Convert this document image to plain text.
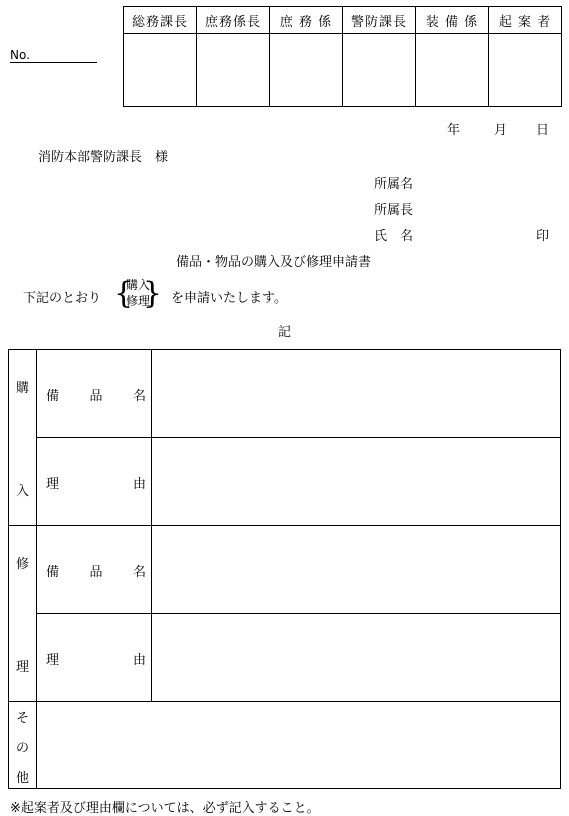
総務課長	庶務係長	庶 務 係	警防課長	装 備 係	起 案 者

No.
年	月 日
消防本部警防課長　様
所属名
所属長
氏　名	印
備品・物品の購入及び修理申請書
下記のとおり {
購入
修理
} を申請いたします。
記
購
入	備 品 名	

	理 由	

修
理	備 品 名	

	理 由	

そ
の
他		

※起案者及び理由欄については、必ず記入すること。
